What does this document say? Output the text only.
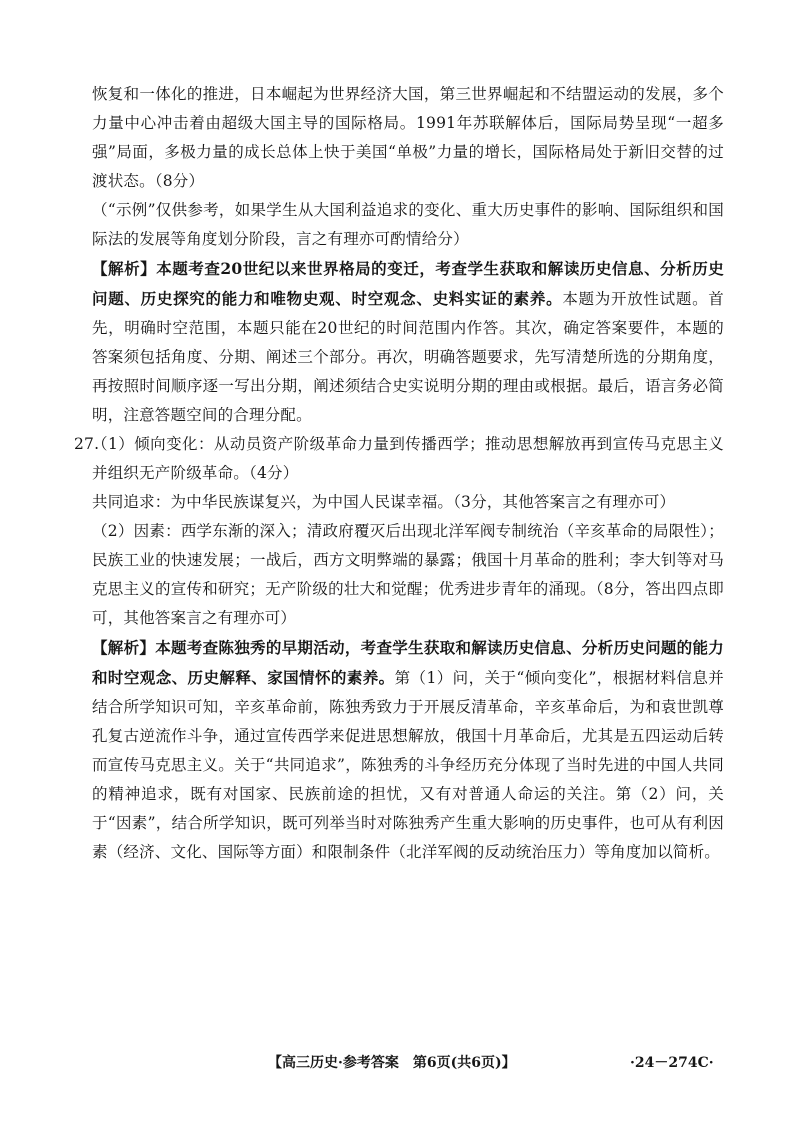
恢复和一体化的推进，日本崛起为世界经济大国，第三世界崛起和不结盟运动的发展，多个力量中心冲击着由超级大国主导的国际格局。1991年苏联解体后，国际局势呈现“一超多强”局面，多极力量的成长总体上快于美国“单极”力量的增长，国际格局处于新旧交替的过渡状态。（8分）

（“示例”仅供参考，如果学生从大国利益追求的变化、重大历史事件的影响、国际组织和国际法的发展等角度划分阶段，言之有理亦可酌情给分）

【解析】本题考查20世纪以来世界格局的变迁，考查学生获取和解读历史信息、分析历史问题、历史探究的能力和唯物史观、时空观念、史料实证的素养。本题为开放性试题。首先，明确时空范围，本题只能在20世纪的时间范围内作答。其次，确定答案要件，本题的答案须包括角度、分期、阐述三个部分。再次，明确答题要求，先写清楚所选的分期角度，再按照时间顺序逐一写出分期，阐述须结合史实说明分期的理由或根据。最后，语言务必简明，注意答题空间的合理分配。

27.

（1）倾向变化：从动员资产阶级革命力量到传播西学；推动思想解放再到宣传马克思主义并组织无产阶级革命。（4分）

共同追求：为中华民族谋复兴，为中国人民谋幸福。（3分，其他答案言之有理亦可）

（2）因素：西学东渐的深入；清政府覆灭后出现北洋军阀专制统治（辛亥革命的局限性）；民族工业的快速发展；一战后，西方文明弊端的暴露；俄国十月革命的胜利；李大钊等对马克思主义的宣传和研究；无产阶级的壮大和觉醒；优秀进步青年的涌现。（8分，答出四点即可，其他答案言之有理亦可）

【解析】本题考查陈独秀的早期活动，考查学生获取和解读历史信息、分析历史问题的能力和时空观念、历史解释、家国情怀的素养。第（1）问，关于“倾向变化”，根据材料信息并结合所学知识可知，辛亥革命前，陈独秀致力于开展反清革命，辛亥革命后，为和袁世凯尊孔复古逆流作斗争，通过宣传西学来促进思想解放，俄国十月革命后，尤其是五四运动后转而宣传马克思主义。关于“共同追求”，陈独秀的斗争经历充分体现了当时先进的中国人共同的精神追求，既有对国家、民族前途的担忧，又有对普通人命运的关注。第（2）问，关于“因素”，结合所学知识，既可列举当时对陈独秀产生重大影响的历史事件，也可从有利因素（经济、文化、国际等方面）和限制条件（北洋军阀的反动统治压力）等角度加以简析。

【高三历史·参考答案　第6页(共6页)】	·24－274C·
